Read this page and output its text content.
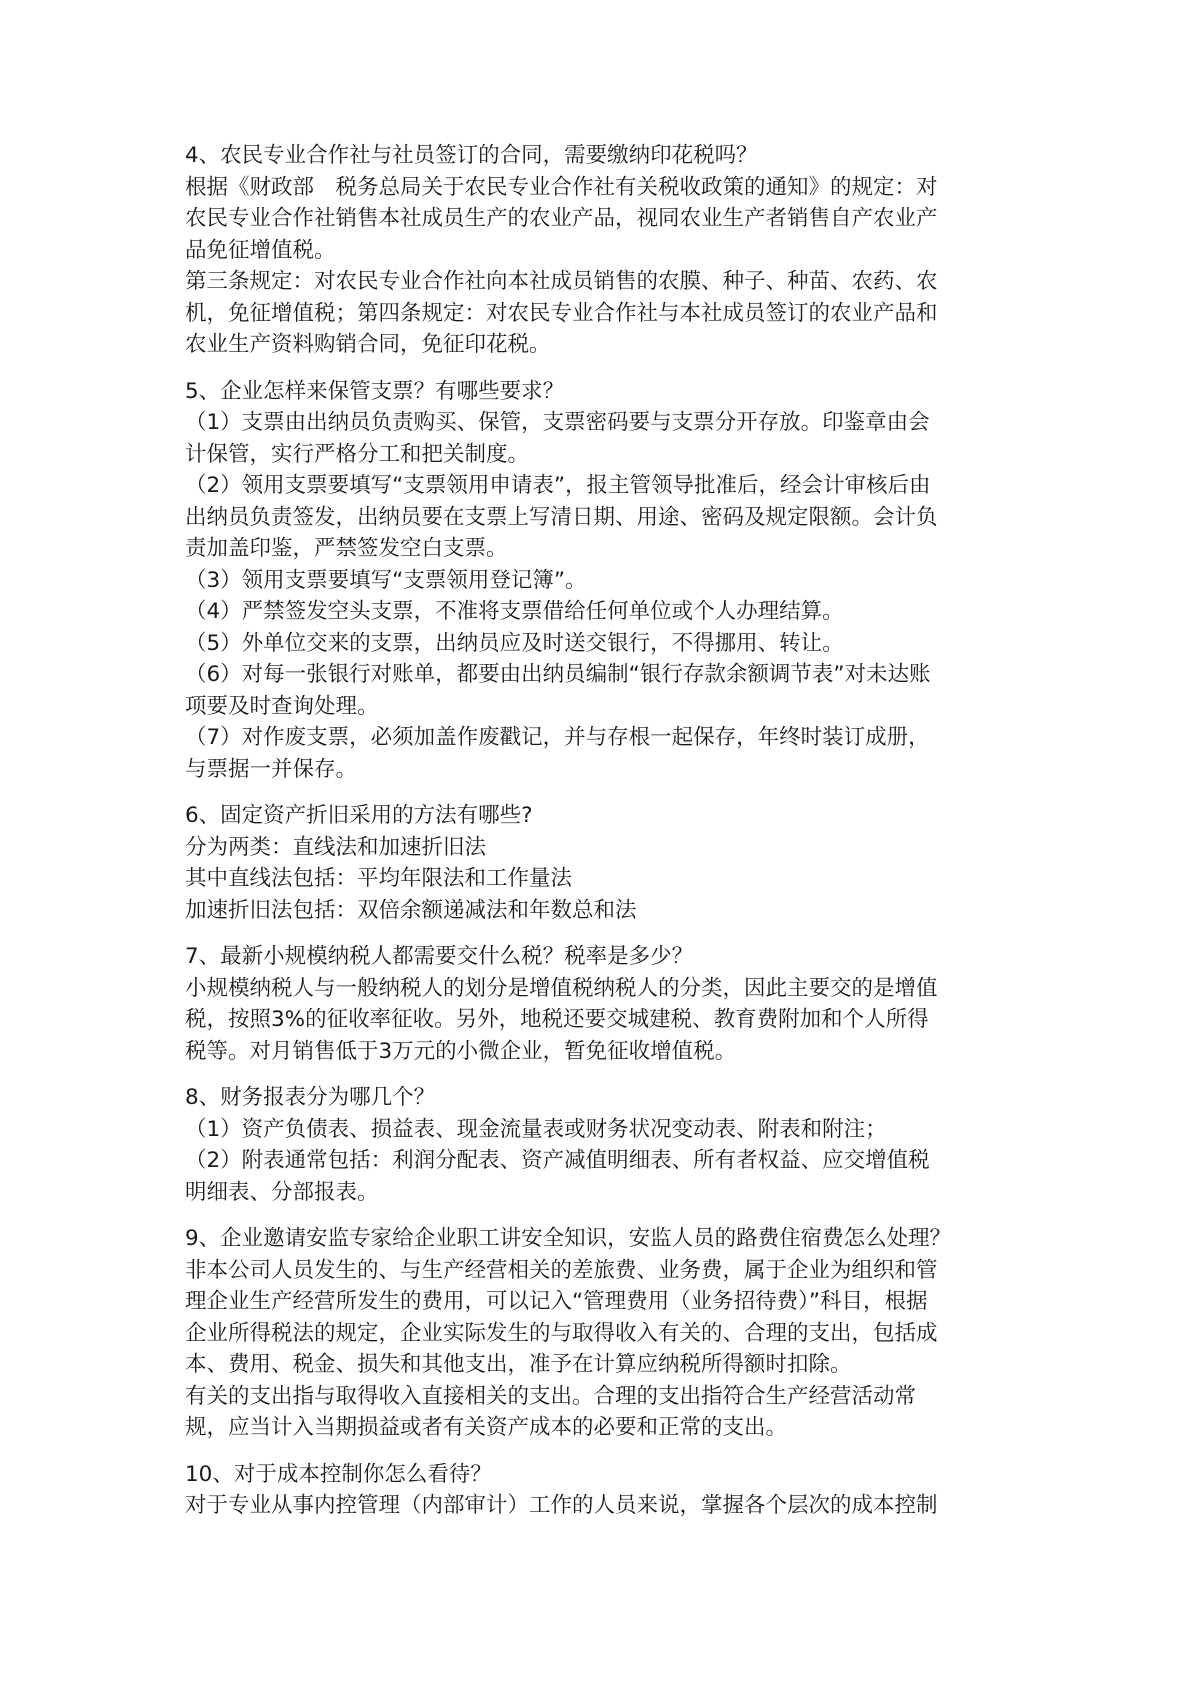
4、农民专业合作社与社员签订的合同，需要缴纳印花税吗？
根据《财政部　税务总局关于农民专业合作社有关税收政策的通知》的规定：对
农民专业合作社销售本社成员生产的农业产品，视同农业生产者销售自产农业产
品免征增值税。
第三条规定：对农民专业合作社向本社成员销售的农膜、种子、种苗、农药、农
机，免征增值税；第四条规定：对农民专业合作社与本社成员签订的农业产品和
农业生产资料购销合同，免征印花税。
5、企业怎样来保管支票？有哪些要求？
（1）支票由出纳员负责购买、保管，支票密码要与支票分开存放。印鉴章由会
计保管，实行严格分工和把关制度。
（2）领用支票要填写“支票领用申请表”，报主管领导批准后，经会计审核后由
出纳员负责签发，出纳员要在支票上写清日期、用途、密码及规定限额。会计负
责加盖印鉴，严禁签发空白支票。
（3）领用支票要填写“支票领用登记簿”。
（4）严禁签发空头支票，不准将支票借给任何单位或个人办理结算。
（5）外单位交来的支票，出纳员应及时送交银行，不得挪用、转让。
（6）对每一张银行对账单，都要由出纳员编制“银行存款余额调节表”对未达账
项要及时查询处理。
（7）对作废支票，必须加盖作废戳记，并与存根一起保存，年终时装订成册，
与票据一并保存。
6、固定资产折旧采用的方法有哪些?
分为两类：直线法和加速折旧法
其中直线法包括：平均年限法和工作量法
加速折旧法包括：双倍余额递减法和年数总和法
7、最新小规模纳税人都需要交什么税？税率是多少？
小规模纳税人与一般纳税人的划分是增值税纳税人的分类，因此主要交的是增值
税，按照3%的征收率征收。另外，地税还要交城建税、教育费附加和个人所得
税等。对月销售低于3万元的小微企业，暂免征收增值税。
8、财务报表分为哪几个？
（1）资产负债表、损益表、现金流量表或财务状况变动表、附表和附注；
（2）附表通常包括：利润分配表、资产减值明细表、所有者权益、应交增值税
明细表、分部报表。
9、企业邀请安监专家给企业职工讲安全知识，安监人员的路费住宿费怎么处理？
非本公司人员发生的、与生产经营相关的差旅费、业务费，属于企业为组织和管
理企业生产经营所发生的费用，可以记入“管理费用（业务招待费）”科目，根据
企业所得税法的规定，企业实际发生的与取得收入有关的、合理的支出，包括成
本、费用、税金、损失和其他支出，准予在计算应纳税所得额时扣除。
有关的支出指与取得收入直接相关的支出。合理的支出指符合生产经营活动常
规，应当计入当期损益或者有关资产成本的必要和正常的支出。
10、对于成本控制你怎么看待？
对于专业从事内控管理（内部审计）工作的人员来说，掌握各个层次的成本控制
